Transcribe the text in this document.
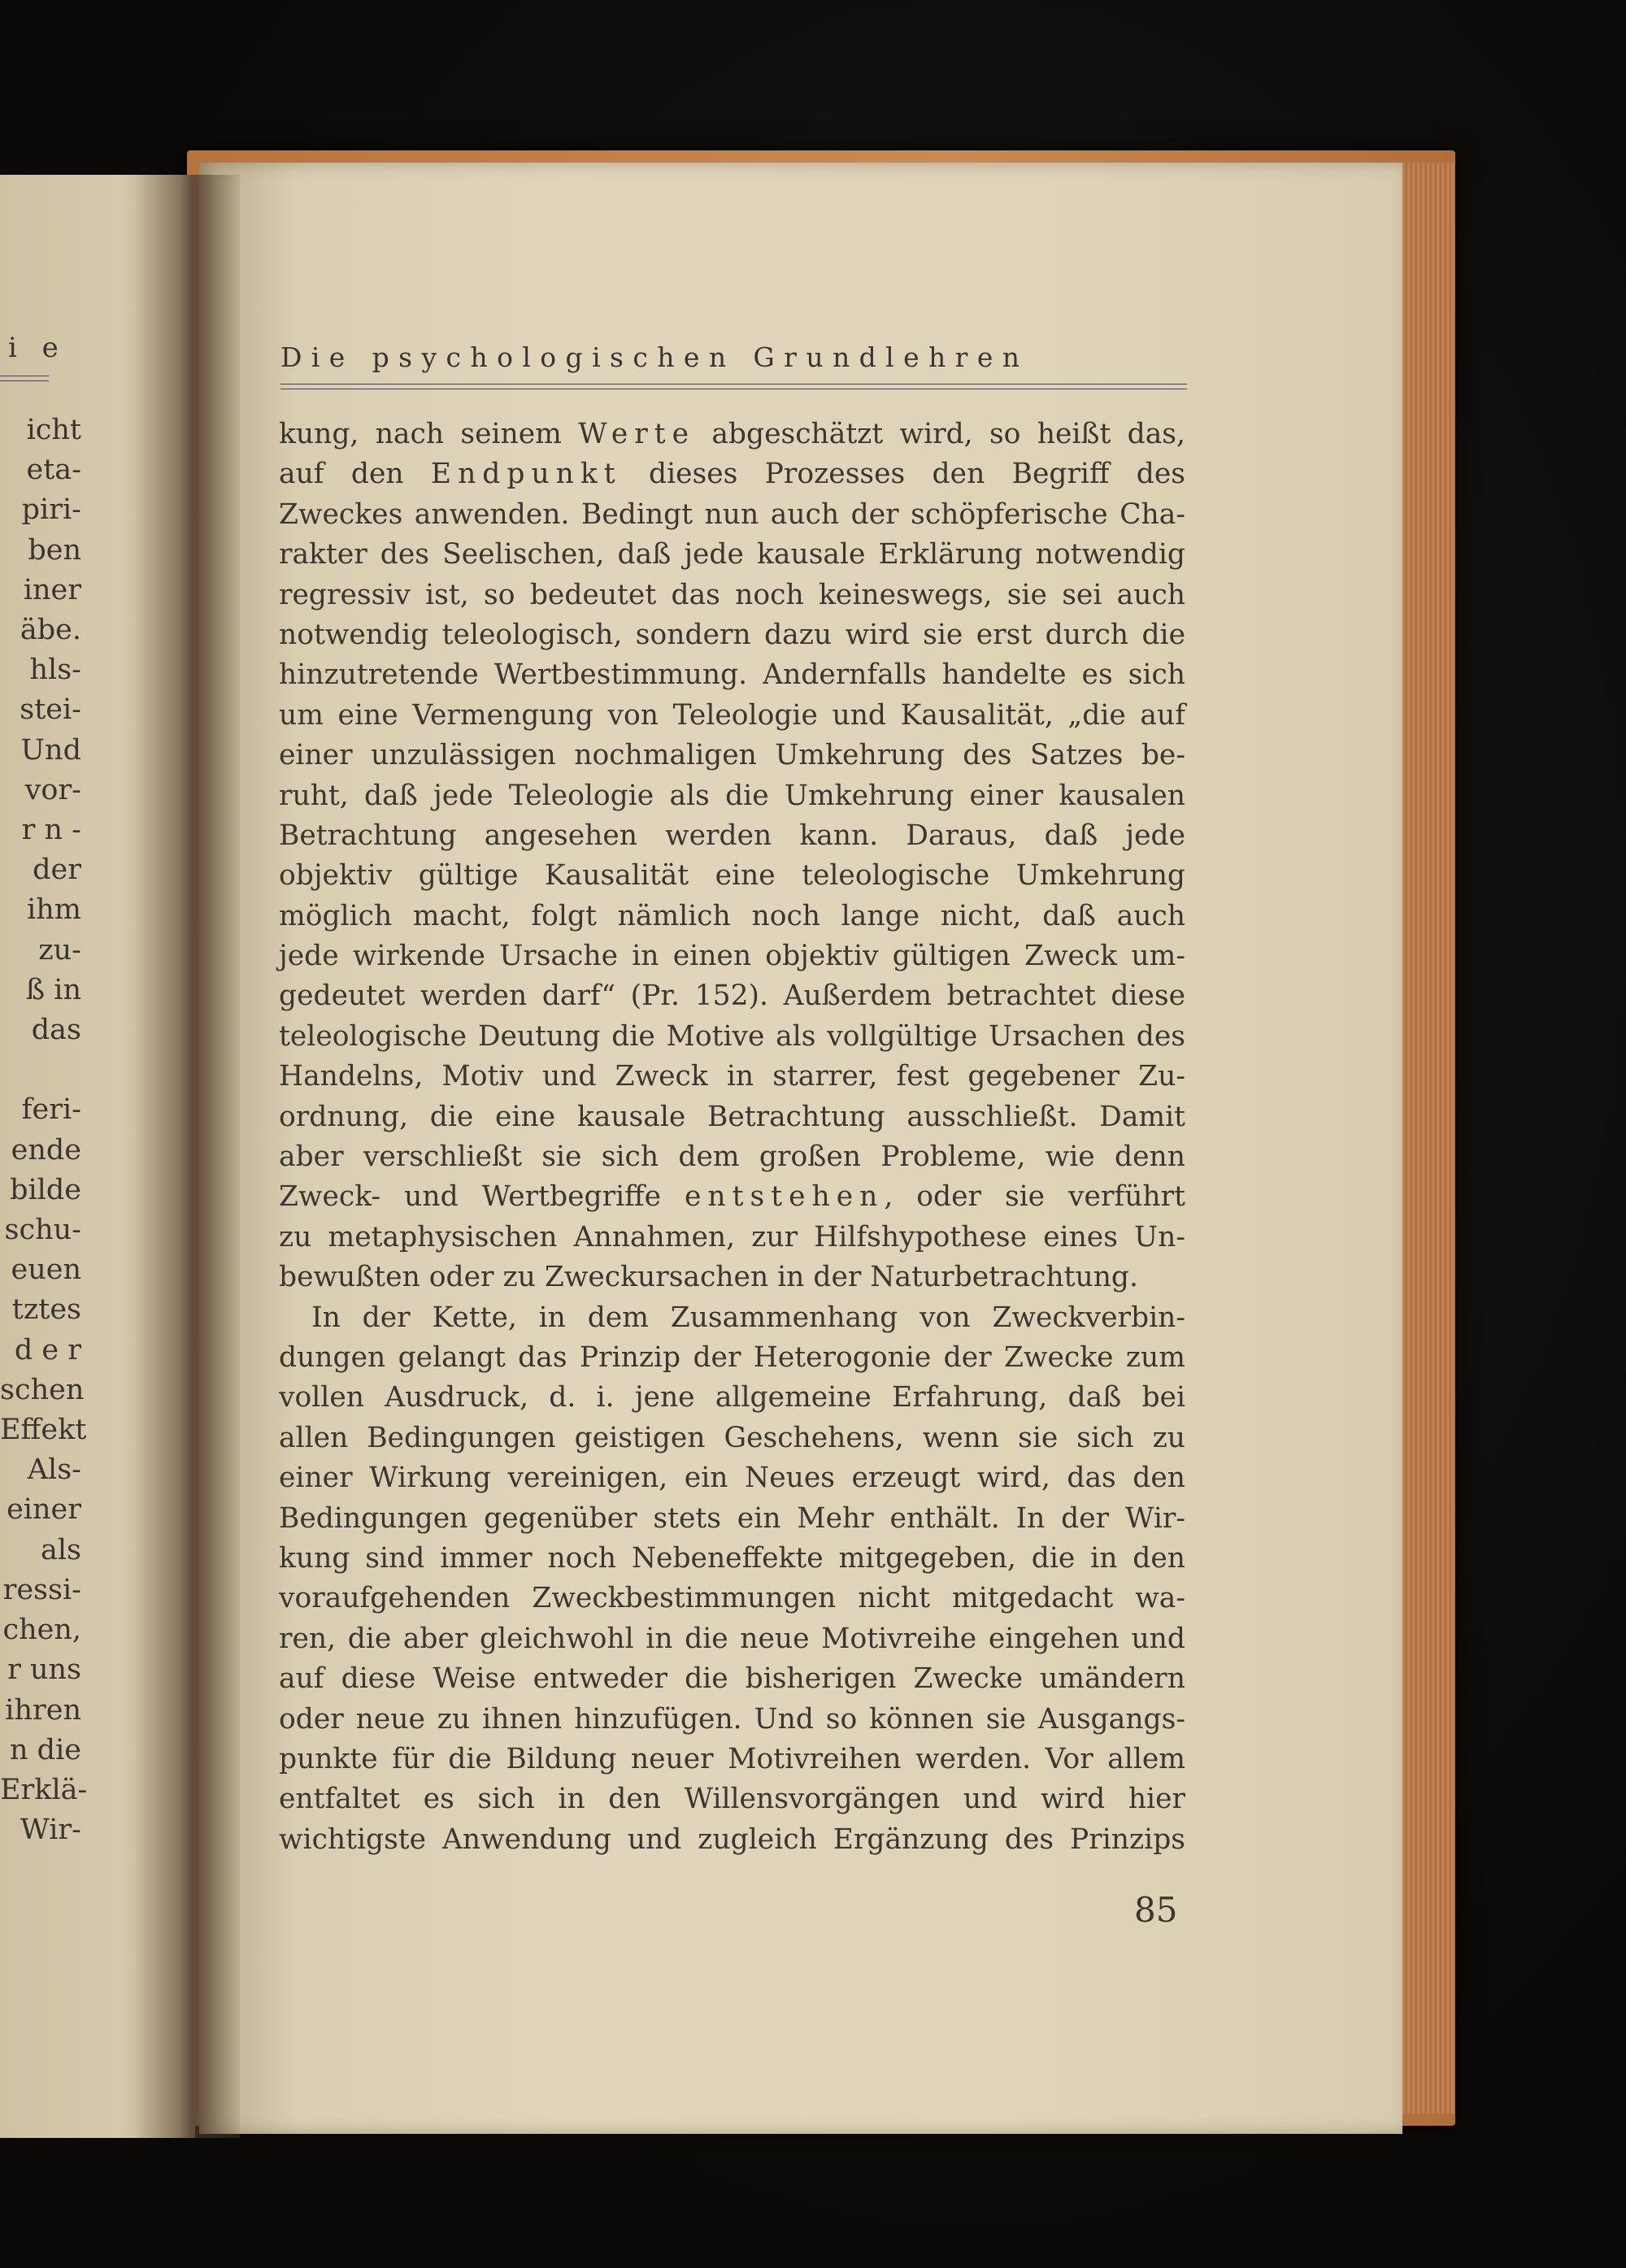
i e
icht
eta-
piri-
ben
iner
äbe.
hls-
stei-
Und
vor-
r n -
der
ihm
zu-
ß in
das

feri-
ende
bilde
schu-
euen
tztes
d e r
schen
Effekt
Als-
einer
als
ressi-
chen,
r uns
ihren
n die
Erklä-
Wir-
Die psychologischen Grundlehren
kung, nach seinem Werte abgeschätzt wird, so heißt das,
auf den Endpunkt dieses Prozesses den Begriff des
Zweckes anwenden. Bedingt nun auch der schöpferische Cha-
rakter des Seelischen, daß jede kausale Erklärung notwendig
regressiv ist, so bedeutet das noch keineswegs, sie sei auch
notwendig teleologisch, sondern dazu wird sie erst durch die
hinzutretende Wertbestimmung. Andernfalls handelte es sich
um eine Vermengung von Teleologie und Kausalität, „die auf
einer unzulässigen nochmaligen Umkehrung des Satzes be-
ruht, daß jede Teleologie als die Umkehrung einer kausalen
Betrachtung angesehen werden kann. Daraus, daß jede
objektiv gültige Kausalität eine teleologische Umkehrung
möglich macht, folgt nämlich noch lange nicht, daß auch
jede wirkende Ursache in einen objektiv gültigen Zweck um-
gedeutet werden darf“ (Pr. 152). Außerdem betrachtet diese
teleologische Deutung die Motive als vollgültige Ursachen des
Handelns, Motiv und Zweck in starrer, fest gegebener Zu-
ordnung, die eine kausale Betrachtung ausschließt. Damit
aber verschließt sie sich dem großen Probleme, wie denn
Zweck- und Wertbegriffe entstehen, oder sie verführt
zu metaphysischen Annahmen, zur Hilfshypothese eines Un-
bewußten oder zu Zweckursachen in der Naturbetrachtung.
In der Kette, in dem Zusammenhang von Zweckverbin-
dungen gelangt das Prinzip der Heterogonie der Zwecke zum
vollen Ausdruck, d. i. jene allgemeine Erfahrung, daß bei
allen Bedingungen geistigen Geschehens, wenn sie sich zu
einer Wirkung vereinigen, ein Neues erzeugt wird, das den
Bedingungen gegenüber stets ein Mehr enthält. In der Wir-
kung sind immer noch Nebeneffekte mitgegeben, die in den
voraufgehenden Zweckbestimmungen nicht mitgedacht wa-
ren, die aber gleichwohl in die neue Motivreihe eingehen und
auf diese Weise entweder die bisherigen Zwecke umändern
oder neue zu ihnen hinzufügen. Und so können sie Ausgangs-
punkte für die Bildung neuer Motivreihen werden. Vor allem
entfaltet es sich in den Willensvorgängen und wird hier
wichtigste Anwendung und zugleich Ergänzung des Prinzips
85
